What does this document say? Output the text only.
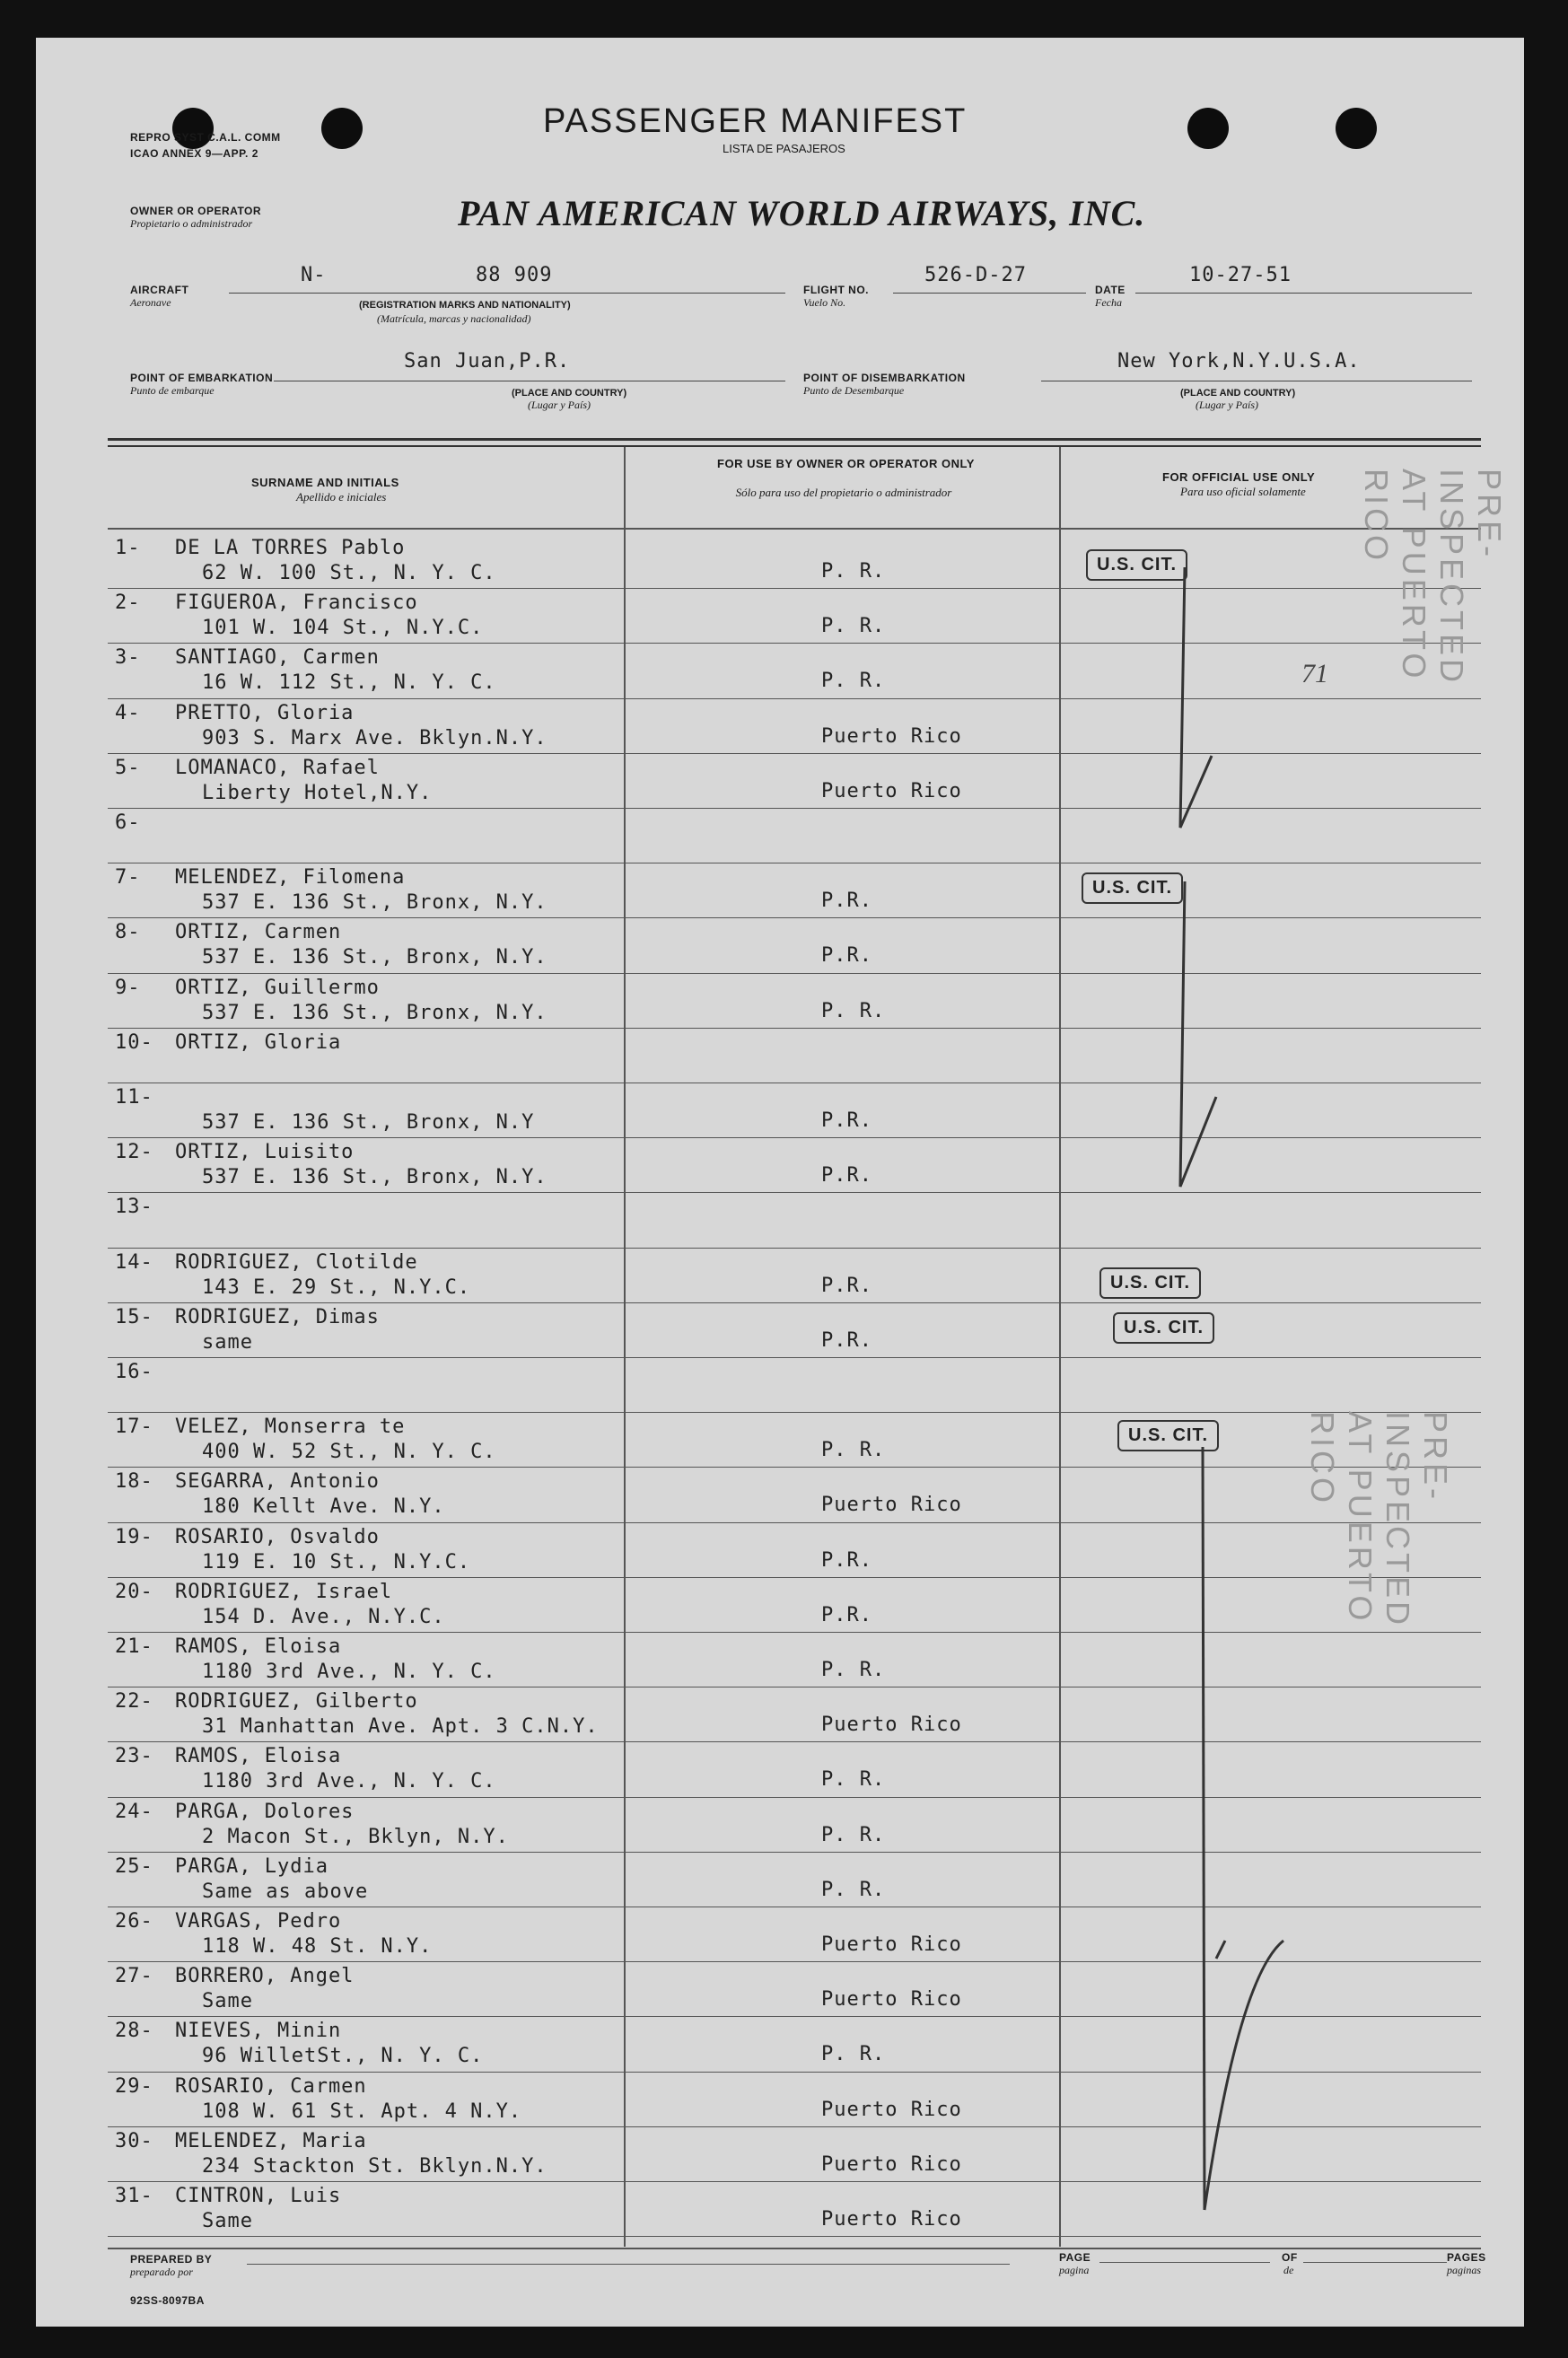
REPRO SYST C.A.L. COMM
ICAO ANNEX 9—APP. 2
PASSENGER MANIFEST
LISTA DE PASAJEROS
OWNER OR OPERATOR
Propietario o administrador	PAN AMERICAN WORLD AIRWAYS, INC.
AIRCRAFT
Aeronave
N-	88 909
(REGISTRATION MARKS AND NATIONALITY)
(Matrícula, marcas y nacionalidad)
FLIGHT NO.
Vuelo No.
526-D-27
DATE
Fecha
10-27-51
POINT OF EMBARKATION
Punto de embarque
San Juan,P.R.
(PLACE AND COUNTRY)
(Lugar y País)
POINT OF DISEMBARKATION
Punto de Desembarque
New York,N.Y.U.S.A.
(PLACE AND COUNTRY)
(Lugar y País)
SURNAME AND INITIALS
Apellido e iniciales
FOR USE BY OWNER OR OPERATOR ONLY
Sólo para uso del propietario o administrador
FOR OFFICIAL USE ONLY
Para uso oficial solamente
1- DE LA TORRES Pablo
62 W. 100 St., N. Y. C.	P. R.
2- FIGUEROA, Francisco
101 W. 104 St., N.Y.C.	P. R.
3- SANTIAGO, Carmen
16 W. 112 St., N. Y. C.	P. R.
4- PRETTO, Gloria
903 S. Marx Ave. Bklyn.N.Y.	Puerto Rico
5- LOMANACO, Rafael
Liberty Hotel,N.Y.	Puerto Rico
6-
7- MELENDEZ, Filomena
537 E. 136 St., Bronx, N.Y.	P.R.
8- ORTIZ, Carmen
537 E. 136 St., Bronx, N.Y.	P.R.
9- ORTIZ, Guillermo
537 E. 136 St., Bronx, N.Y.	P. R.
10- ORTIZ, Gloria
11-
537 E. 136 St., Bronx, N.Y	P.R.
12- ORTIZ, Luisito
537 E. 136 St., Bronx, N.Y.	P.R.
13-
14- RODRIGUEZ, Clotilde
143 E. 29 St., N.Y.C.	P.R.
15- RODRIGUEZ, Dimas
same	P.R.
16-
17- VELEZ, Monserra te
400 W. 52 St., N. Y. C.	P. R.
18- SEGARRA, Antonio
180 Kellt Ave. N.Y.	Puerto Rico
19- ROSARIO, Osvaldo
119 E. 10 St., N.Y.C.	P.R.
20- RODRIGUEZ, Israel
154 D. Ave., N.Y.C.	P.R.
21- RAMOS, Eloisa
1180 3rd Ave., N. Y. C.	P. R.
22- RODRIGUEZ, Gilberto
31 Manhattan Ave. Apt. 3 C.N.Y.	Puerto Rico
23- RAMOS, Eloisa
1180 3rd Ave., N. Y. C.	P. R.
24- PARGA, Dolores
2 Macon St., Bklyn, N.Y.	P. R.
25- PARGA, Lydia
Same as above	P. R.
26- VARGAS, Pedro
118 W. 48 St. N.Y.	Puerto Rico
27- BORRERO, Angel
Same	Puerto Rico
28- NIEVES, Minin
96 WilletSt., N. Y. C.	P. R.
29- ROSARIO, Carmen
108 W. 61 St. Apt. 4 N.Y.	Puerto Rico
30- MELENDEZ, Maria
234 Stackton St. Bklyn.N.Y.	Puerto Rico
31- CINTRON, Luis
Same	Puerto Rico
U.S. CIT.
U.S. CIT.
U.S. CIT.
U.S. CIT.
U.S. CIT.
71
PRE-INSPECTED AT PUERTO RICO
PRE-INSPECTED AT PUERTO RICO
PREPARED BY
preparado por
PAGE
pagina
OF
de
PAGES
paginas
92SS-8097BA
